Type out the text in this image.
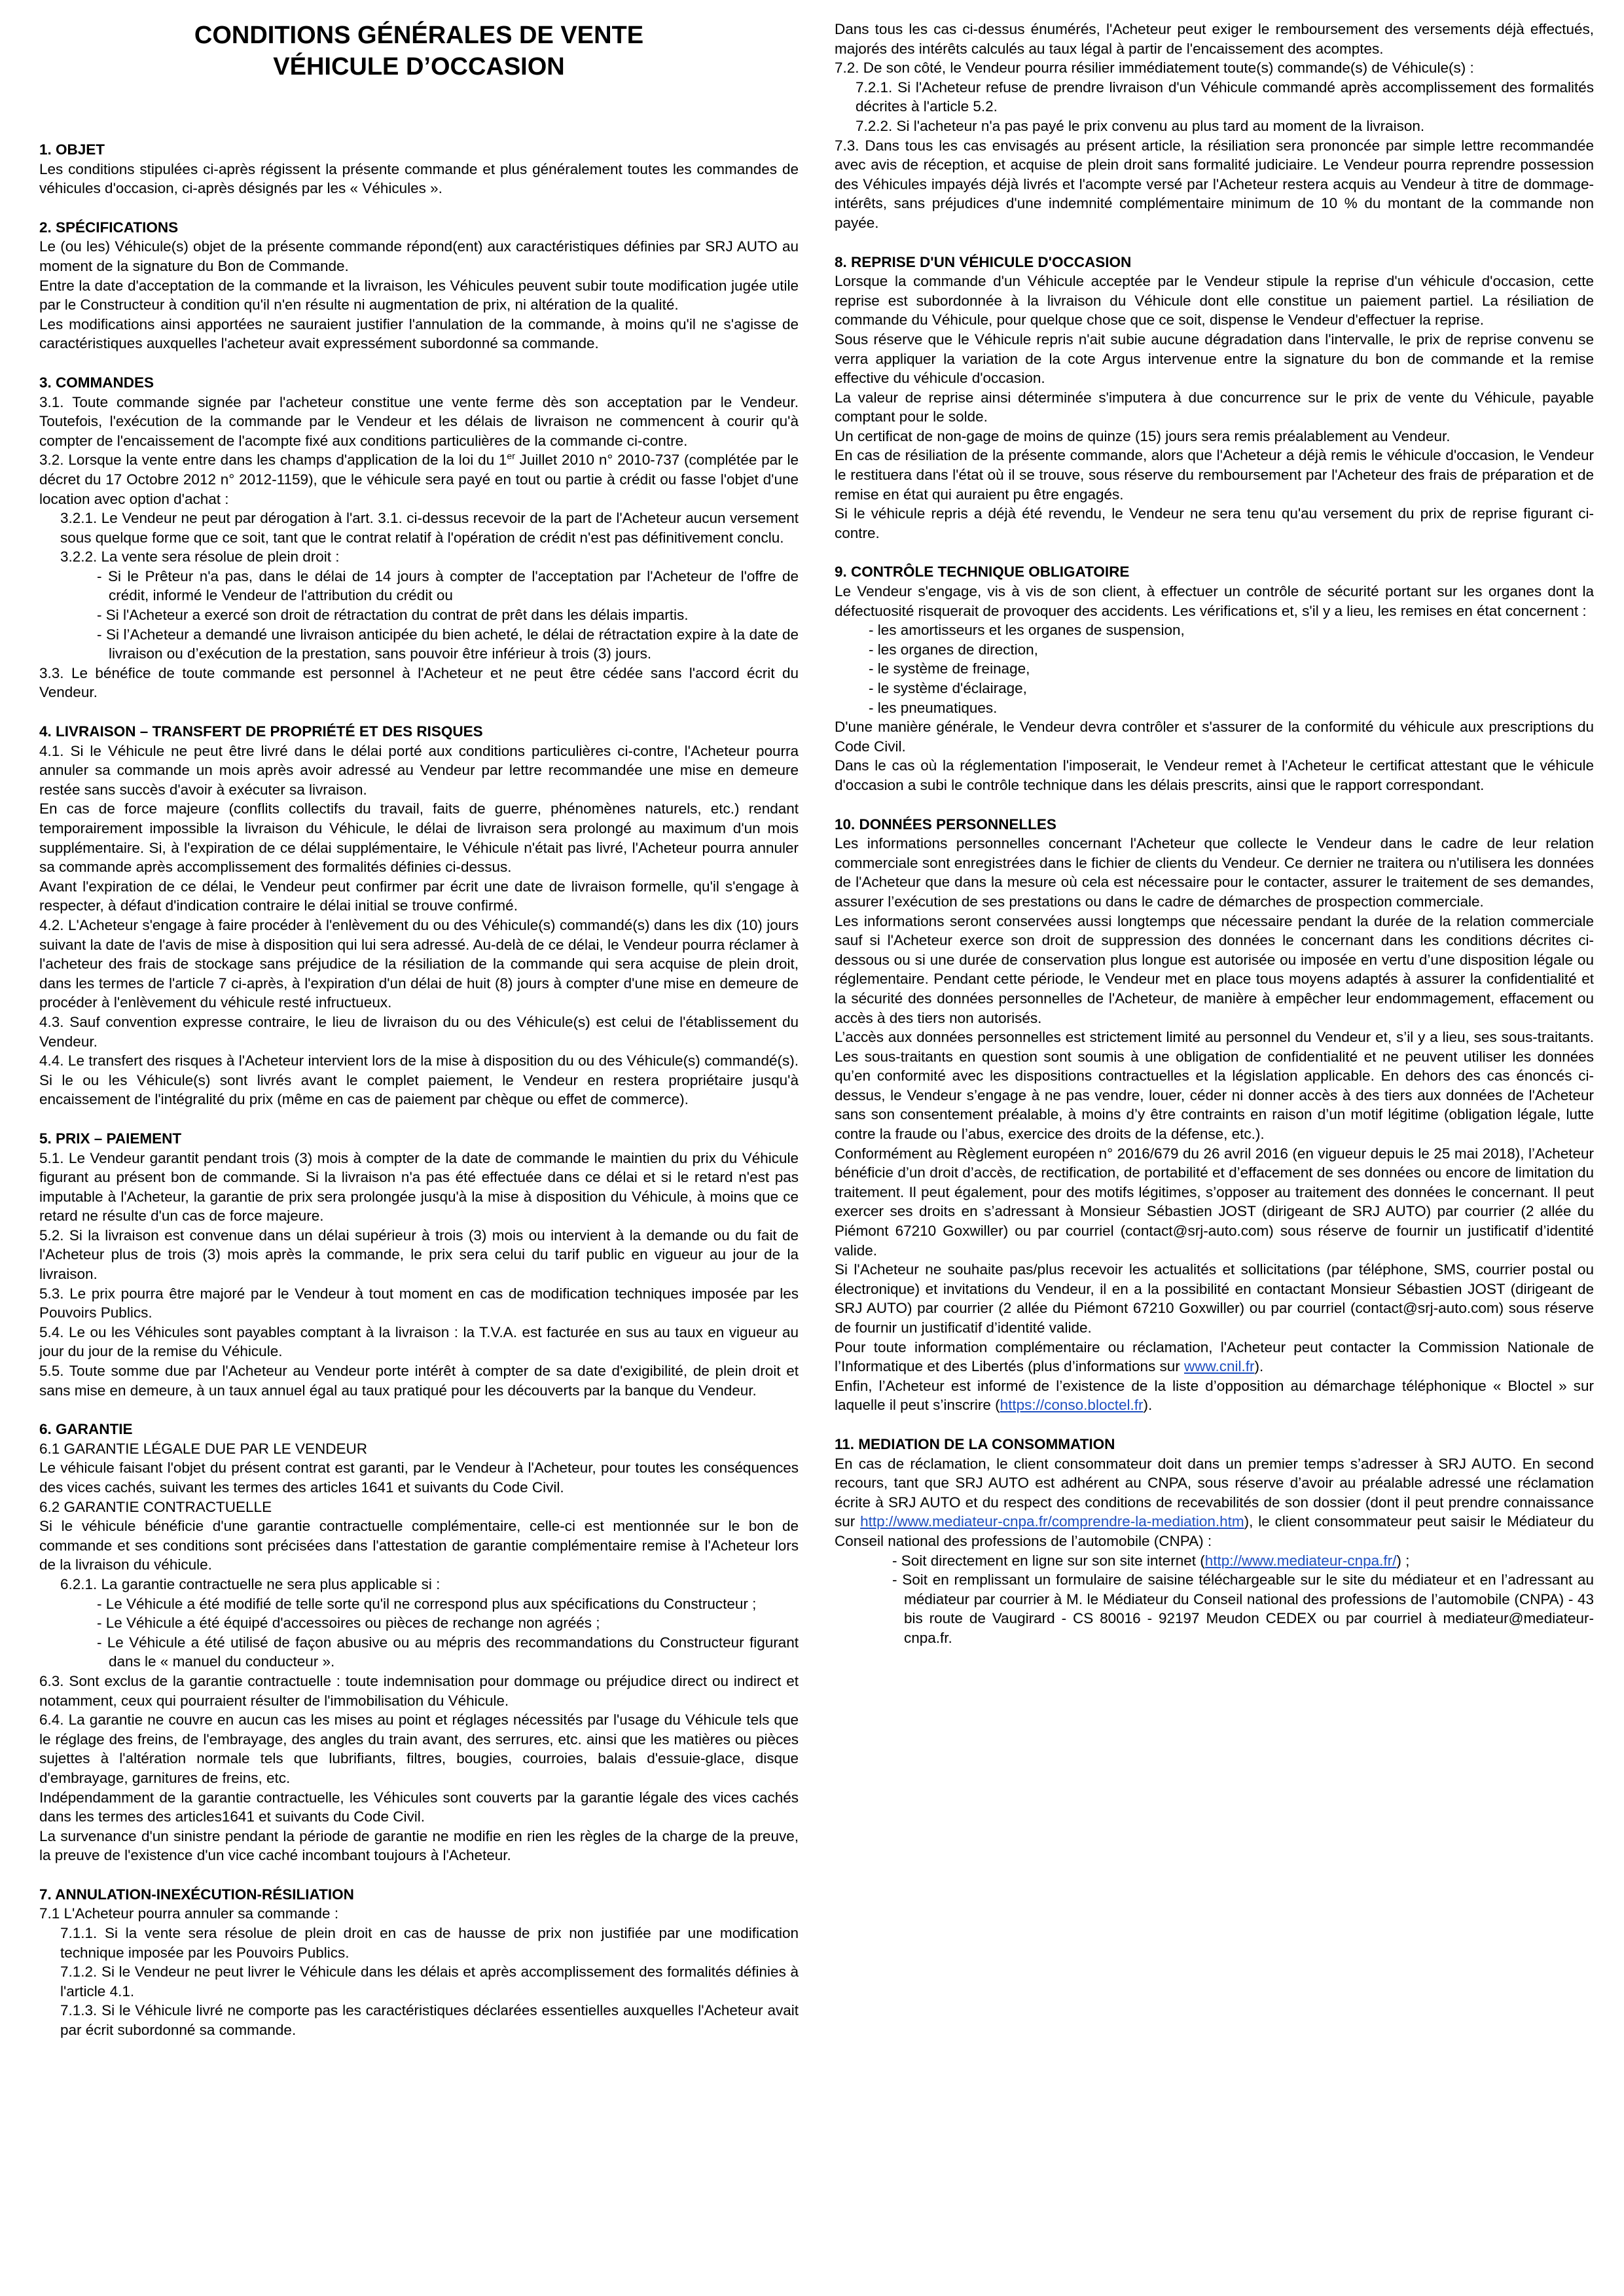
CONDITIONS GÉNÉRALES DE VENTE
VÉHICULE D’OCCASION
1. OBJET

Les conditions stipulées ci-après régissent la présente commande et plus généralement toutes les commandes de véhicules d'occasion, ci-après désignés par les « Véhicules ».

2. SPÉCIFICATIONS

Le (ou les) Véhicule(s) objet de la présente commande répond(ent) aux caractéristiques définies par SRJ AUTO au moment de la signature du Bon de Commande.

Entre la date d'acceptation de la commande et la livraison, les Véhicules peuvent subir toute modification jugée utile par le Constructeur à condition qu'il n'en résulte ni augmentation de prix, ni altération de la qualité.

Les modifications ainsi apportées ne sauraient justifier l'annulation de la commande, à moins qu'il ne s'agisse de caractéristiques auxquelles l'acheteur avait expressément subordonné sa commande.

3. COMMANDES

3.1. Toute commande signée par l'acheteur constitue une vente ferme dès son acceptation par le Vendeur. Toutefois, l'exécution de la commande par le Vendeur et les délais de livraison ne commencent à courir qu'à compter de l'encaissement de l'acompte fixé aux conditions particulières de la commande ci-contre.

3.2. Lorsque la vente entre dans les champs d'application de la loi du 1er Juillet 2010 n° 2010-737 (complétée par le décret du 17 Octobre 2012 n° 2012-1159), que le véhicule sera payé en tout ou partie à crédit ou fasse l'objet d'une location avec option d'achat :

3.2.1. Le Vendeur ne peut par dérogation à l'art. 3.1. ci-dessus recevoir de la part de l'Acheteur aucun versement sous quelque forme que ce soit, tant que le contrat relatif à l'opération de crédit n'est pas définitivement conclu.

3.2.2. La vente sera résolue de plein droit :

- Si le Prêteur n'a pas, dans le délai de 14 jours à compter de l'acceptation par l'Acheteur de l'offre de crédit, informé le Vendeur de l'attribution du crédit ou

- Si l'Acheteur a exercé son droit de rétractation du contrat de prêt dans les délais impartis.

- Si l’Acheteur a demandé une livraison anticipée du bien acheté, le délai de rétractation expire à la date de livraison ou d’exécution de la prestation, sans pouvoir être inférieur à trois (3) jours.

3.3. Le bénéfice de toute commande est personnel à l'Acheteur et ne peut être cédée sans l'accord écrit du Vendeur.

4. LIVRAISON – TRANSFERT DE PROPRIÉTÉ ET DES RISQUES

4.1. Si le Véhicule ne peut être livré dans le délai porté aux conditions particulières ci-contre, l'Acheteur pourra annuler sa commande un mois après avoir adressé au Vendeur par lettre recommandée une mise en demeure restée sans succès d'avoir à exécuter sa livraison.

En cas de force majeure (conflits collectifs du travail, faits de guerre, phénomènes naturels, etc.) rendant temporairement impossible la livraison du Véhicule, le délai de livraison sera prolongé au maximum d'un mois supplémentaire. Si, à l'expiration de ce délai supplémentaire, le Véhicule n'était pas livré, l'Acheteur pourra annuler sa commande après accomplissement des formalités définies ci-dessus.

Avant l'expiration de ce délai, le Vendeur peut confirmer par écrit une date de livraison formelle, qu'il s'engage à respecter, à défaut d'indication contraire le délai initial se trouve confirmé.

4.2. L'Acheteur s'engage à faire procéder à l'enlèvement du ou des Véhicule(s) commandé(s) dans les dix (10) jours suivant la date de l'avis de mise à disposition qui lui sera adressé. Au-delà de ce délai, le Vendeur pourra réclamer à l'acheteur des frais de stockage sans préjudice de la résiliation de la commande qui sera acquise de plein droit, dans les termes de l'article 7 ci-après, à l'expiration d'un délai de huit (8) jours à compter d'une mise en demeure de procéder à l'enlèvement du véhicule resté infructueux.

4.3. Sauf convention expresse contraire, le lieu de livraison du ou des Véhicule(s) est celui de l'établissement du Vendeur.

4.4. Le transfert des risques à l'Acheteur intervient lors de la mise à disposition du ou des Véhicule(s) commandé(s). Si le ou les Véhicule(s) sont livrés avant le complet paiement, le Vendeur en restera propriétaire jusqu'à encaissement de l'intégralité du prix (même en cas de paiement par chèque ou effet de commerce).

5. PRIX – PAIEMENT

5.1. Le Vendeur garantit pendant trois (3) mois à compter de la date de commande le maintien du prix du Véhicule figurant au présent bon de commande. Si la livraison n'a pas été effectuée dans ce délai et si le retard n'est pas imputable à l'Acheteur, la garantie de prix sera prolongée jusqu'à la mise à disposition du Véhicule, à moins que ce retard ne résulte d'un cas de force majeure.

5.2. Si la livraison est convenue dans un délai supérieur à trois (3) mois ou intervient à la demande ou du fait de l'Acheteur plus de trois (3) mois après la commande, le prix sera celui du tarif public en vigueur au jour de la livraison.

5.3. Le prix pourra être majoré par le Vendeur à tout moment en cas de modification techniques imposée par les Pouvoirs Publics.

5.4. Le ou les Véhicules sont payables comptant à la livraison : la T.V.A. est facturée en sus au taux en vigueur au jour du jour de la remise du Véhicule.

5.5. Toute somme due par l'Acheteur au Vendeur porte intérêt à compter de sa date d'exigibilité, de plein droit et sans mise en demeure, à un taux annuel égal au taux pratiqué pour les découverts par la banque du Vendeur.

6. GARANTIE
6.1 GARANTIE LÉGALE DUE PAR LE VENDEUR

Le véhicule faisant l'objet du présent contrat est garanti, par le Vendeur à l'Acheteur, pour toutes les conséquences des vices cachés, suivant les termes des articles 1641 et suivants du Code Civil.

6.2 GARANTIE CONTRACTUELLE

Si le véhicule bénéficie d'une garantie contractuelle complémentaire, celle-ci est mentionnée sur le bon de commande et ses conditions sont précisées dans l'attestation de garantie complémentaire remise à l'Acheteur lors de la livraison du véhicule.

6.2.1. La garantie contractuelle ne sera plus applicable si :

- Le Véhicule a été modifié de telle sorte qu'il ne correspond plus aux spécifications du Constructeur ;

- Le Véhicule a été équipé d'accessoires ou pièces de rechange non agréés ;

- Le Véhicule a été utilisé de façon abusive ou au mépris des recommandations du Constructeur figurant dans le « manuel du conducteur ».

6.3. Sont exclus de la garantie contractuelle : toute indemnisation pour dommage ou préjudice direct ou indirect et notamment, ceux qui pourraient résulter de l'immobilisation du Véhicule.

6.4. La garantie ne couvre en aucun cas les mises au point et réglages nécessités par l'usage du Véhicule tels que le réglage des freins, de l'embrayage, des angles du train avant, des serrures, etc. ainsi que les matières ou pièces sujettes à l'altération normale tels que lubrifiants, filtres, bougies, courroies, balais d'essuie-glace, disque d'embrayage, garnitures de freins, etc.

Indépendamment de la garantie contractuelle, les Véhicules sont couverts par la garantie légale des vices cachés dans les termes des articles1641 et suivants du Code Civil.

La survenance d'un sinistre pendant la période de garantie ne modifie en rien les règles de la charge de la preuve, la preuve de l'existence d'un vice caché incombant toujours à l'Acheteur.

7. ANNULATION-INEXÉCUTION-RÉSILIATION

7.1 L'Acheteur pourra annuler sa commande :

7.1.1. Si la vente sera résolue de plein droit en cas de hausse de prix non justifiée par une modification technique imposée par les Pouvoirs Publics.

7.1.2. Si le Vendeur ne peut livrer le Véhicule dans les délais et après accomplissement des formalités définies à l'article 4.1.

7.1.3. Si le Véhicule livré ne comporte pas les caractéristiques déclarées essentielles auxquelles l'Acheteur avait par écrit subordonné sa commande.

Dans tous les cas ci-dessus énumérés, l'Acheteur peut exiger le remboursement des versements déjà effectués, majorés des intérêts calculés au taux légal à partir de l'encaissement des acomptes.

7.2. De son côté, le Vendeur pourra résilier immédiatement toute(s) commande(s) de Véhicule(s) :

7.2.1. Si l'Acheteur refuse de prendre livraison d'un Véhicule commandé après accomplissement des formalités décrites à l'article 5.2.

7.2.2. Si l'acheteur n'a pas payé le prix convenu au plus tard au moment de la livraison.

7.3. Dans tous les cas envisagés au présent article, la résiliation sera prononcée par simple lettre recommandée avec avis de réception, et acquise de plein droit sans formalité judiciaire. Le Vendeur pourra reprendre possession des Véhicules impayés déjà livrés et l'acompte versé par l'Acheteur restera acquis au Vendeur à titre de dommage-intérêts, sans préjudices d'une indemnité complémentaire minimum de 10 % du montant de la commande non payée.

8. REPRISE D'UN VÉHICULE D'OCCASION

Lorsque la commande d'un Véhicule acceptée par le Vendeur stipule la reprise d'un véhicule d'occasion, cette reprise est subordonnée à la livraison du Véhicule dont elle constitue un paiement partiel. La résiliation de commande du Véhicule, pour quelque chose que ce soit, dispense le Vendeur d'effectuer la reprise.

Sous réserve que le Véhicule repris n'ait subie aucune dégradation dans l'intervalle, le prix de reprise convenu se verra appliquer la variation de la cote Argus intervenue entre la signature du bon de commande et la remise effective du véhicule d'occasion.

La valeur de reprise ainsi déterminée s'imputera à due concurrence sur le prix de vente du Véhicule, payable comptant pour le solde.

Un certificat de non-gage de moins de quinze (15) jours sera remis préalablement au Vendeur.

En cas de résiliation de la présente commande, alors que l'Acheteur a déjà remis le véhicule d'occasion, le Vendeur le restituera dans l'état où il se trouve, sous réserve du remboursement par l'Acheteur des frais de préparation et de remise en état qui auraient pu être engagés.

Si le véhicule repris a déjà été revendu, le Vendeur ne sera tenu qu'au versement du prix de reprise figurant ci-contre.

9. CONTRÔLE TECHNIQUE OBLIGATOIRE

Le Vendeur s'engage, vis à vis de son client, à effectuer un contrôle de sécurité portant sur les organes dont la défectuosité risquerait de provoquer des accidents. Les vérifications et, s'il y a lieu, les remises en état concernent :

- les amortisseurs et les organes de suspension,

- les organes de direction,

- le système de freinage,

- le système d'éclairage,

- les pneumatiques.

D'une manière générale, le Vendeur devra contrôler et s'assurer de la conformité du véhicule aux prescriptions du Code Civil.

Dans le cas où la réglementation l'imposerait, le Vendeur remet à l'Acheteur le certificat attestant que le véhicule d'occasion a subi le contrôle technique dans les délais prescrits, ainsi que le rapport correspondant.

10. DONNÉES PERSONNELLES

Les informations personnelles concernant l'Acheteur que collecte le Vendeur dans le cadre de leur relation commerciale sont enregistrées dans le fichier de clients du Vendeur. Ce dernier ne traitera ou n'utilisera les données de l'Acheteur que dans la mesure où cela est nécessaire pour le contacter, assurer le traitement de ses demandes, assurer l’exécution de ses prestations ou dans le cadre de démarches de prospection commerciale.

Les informations seront conservées aussi longtemps que nécessaire pendant la durée de la relation commerciale sauf si l'Acheteur exerce son droit de suppression des données le concernant dans les conditions décrites ci-dessous ou si une durée de conservation plus longue est autorisée ou imposée en vertu d’une disposition légale ou réglementaire. Pendant cette période, le Vendeur met en place tous moyens adaptés à assurer la confidentialité et la sécurité des données personnelles de l'Acheteur, de manière à empêcher leur endommagement, effacement ou accès à des tiers non autorisés.

L’accès aux données personnelles est strictement limité au personnel du Vendeur et, s’il y a lieu, ses sous-traitants. Les sous-traitants en question sont soumis à une obligation de confidentialité et ne peuvent utiliser les données qu’en conformité avec les dispositions contractuelles et la législation applicable. En dehors des cas énoncés ci-dessus, le Vendeur s’engage à ne pas vendre, louer, céder ni donner accès à des tiers aux données de l'Acheteur sans son consentement préalable, à moins d’y être contraints en raison d’un motif légitime (obligation légale, lutte contre la fraude ou l’abus, exercice des droits de la défense, etc.).

Conformément au Règlement européen n° 2016/679 du 26 avril 2016 (en vigueur depuis le 25 mai 2018), l’Acheteur bénéficie d’un droit d’accès, de rectification, de portabilité et d’effacement de ses données ou encore de limitation du traitement. Il peut également, pour des motifs légitimes, s’opposer au traitement des données le concernant. Il peut exercer ses droits en s’adressant à Monsieur Sébastien JOST (dirigeant de SRJ AUTO) par courrier (2 allée du Piémont 67210 Goxwiller) ou par courriel (contact@srj-auto.com) sous réserve de fournir un justificatif d’identité valide.

Si l'Acheteur ne souhaite pas/plus recevoir les actualités et sollicitations (par téléphone, SMS, courrier postal ou électronique) et invitations du Vendeur, il en a la possibilité en contactant Monsieur Sébastien JOST (dirigeant de SRJ AUTO) par courrier (2 allée du Piémont 67210 Goxwiller) ou par courriel (contact@srj-auto.com) sous réserve de fournir un justificatif d’identité valide.

Pour toute information complémentaire ou réclamation, l'Acheteur peut contacter la Commission Nationale de l’Informatique et des Libertés (plus d’informations sur www.cnil.fr).

Enfin, l’Acheteur est informé de l’existence de la liste d’opposition au démarchage téléphonique « Bloctel » sur laquelle il peut s’inscrire (https://conso.bloctel.fr).

11. MEDIATION DE LA CONSOMMATION

En cas de réclamation, le client consommateur doit dans un premier temps s’adresser à SRJ AUTO. En second recours, tant que SRJ AUTO est adhérent au CNPA, sous réserve d’avoir au préalable adressé une réclamation écrite à SRJ AUTO et du respect des conditions de recevabilités de son dossier (dont il peut prendre connaissance sur http://www.mediateur-cnpa.fr/comprendre-la-mediation.htm), le client consommateur peut saisir le Médiateur du Conseil national des professions de l’automobile (CNPA) :

- Soit directement en ligne sur son site internet (http://www.mediateur-cnpa.fr/) ;

- Soit en remplissant un formulaire de saisine téléchargeable sur le site du médiateur et en l’adressant au médiateur par courrier à M. le Médiateur du Conseil national des professions de l’automobile (CNPA) - 43 bis route de Vaugirard - CS 80016 - 92197 Meudon CEDEX ou par courriel à mediateur@mediateur-cnpa.fr.
